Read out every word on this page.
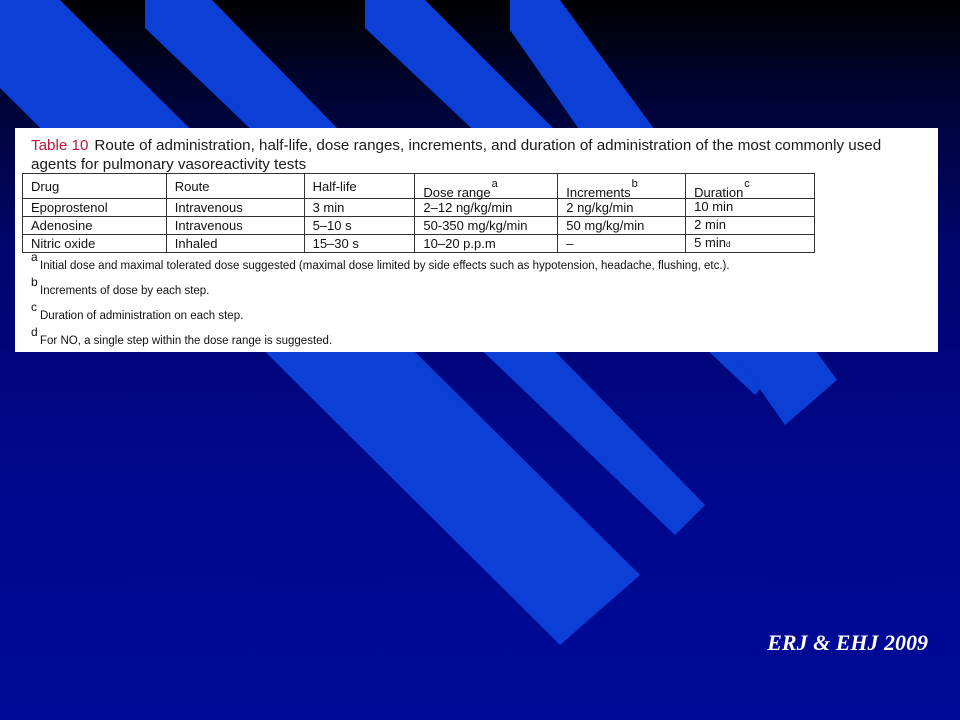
Table 10 Route of administration, half-life, dose ranges, increments, and duration of administration of the most commonly used agents for pulmonary vasoreactivity tests
Drug	Route	Half-life	Dose range$^a$	Increments$^b$	Duration$^c$
Epoprostenol	Intravenous	3 min	2–12 ng/kg/min	2 ng/kg/min	10 min
Adenosine	Intravenous	5–10 s	50-350 mg/kg/min	50 mg/kg/min	2 min
Nitric oxide	Inhaled	15–30 s	10–20 p.p.m	–	5 mind
a
Initial dose and maximal tolerated dose suggested (maximal dose limited by side effects such as hypotension, headache, flushing, etc.).
b
Increments of dose by each step.
c
Duration of administration on each step.
d
For NO, a single step within the dose range is suggested.
ERJ & EHJ 2009
